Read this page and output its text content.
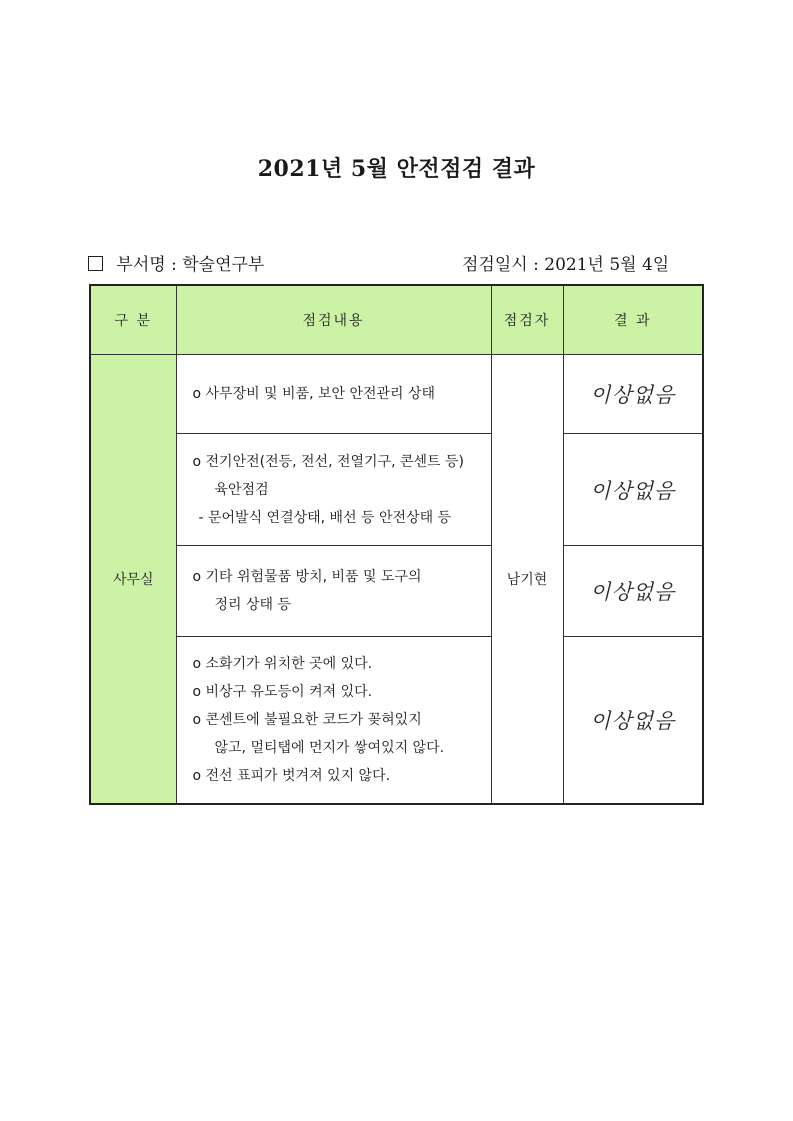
2021년 5월 안전점검 결과
부서명 : 학술연구부	점검일시 : 2021년 5월 4일
구 분	점검내용	점검자	결 과
사무실	o 사무장비 및 비품, 보안 안전관리 상태	남기현	이상없음

	o 전기안전(전등, 전선, 전열기구, 콘센트 등)
육안점검
- 문어발식 연결상태, 배선 등 안전상태 등		이상없음

	o 기타 위험물품 방치, 비품 및 도구의
정리 상태 등		이상없음

	o 소화기가 위치한 곳에 있다.
o 비상구 유도등이 켜져 있다.
o 콘센트에 불필요한 코드가 꽂혀있지
않고, 멀티탭에 먼지가 쌓여있지 않다.
o 전선 표피가 벗겨져 있지 않다.		이상없음
